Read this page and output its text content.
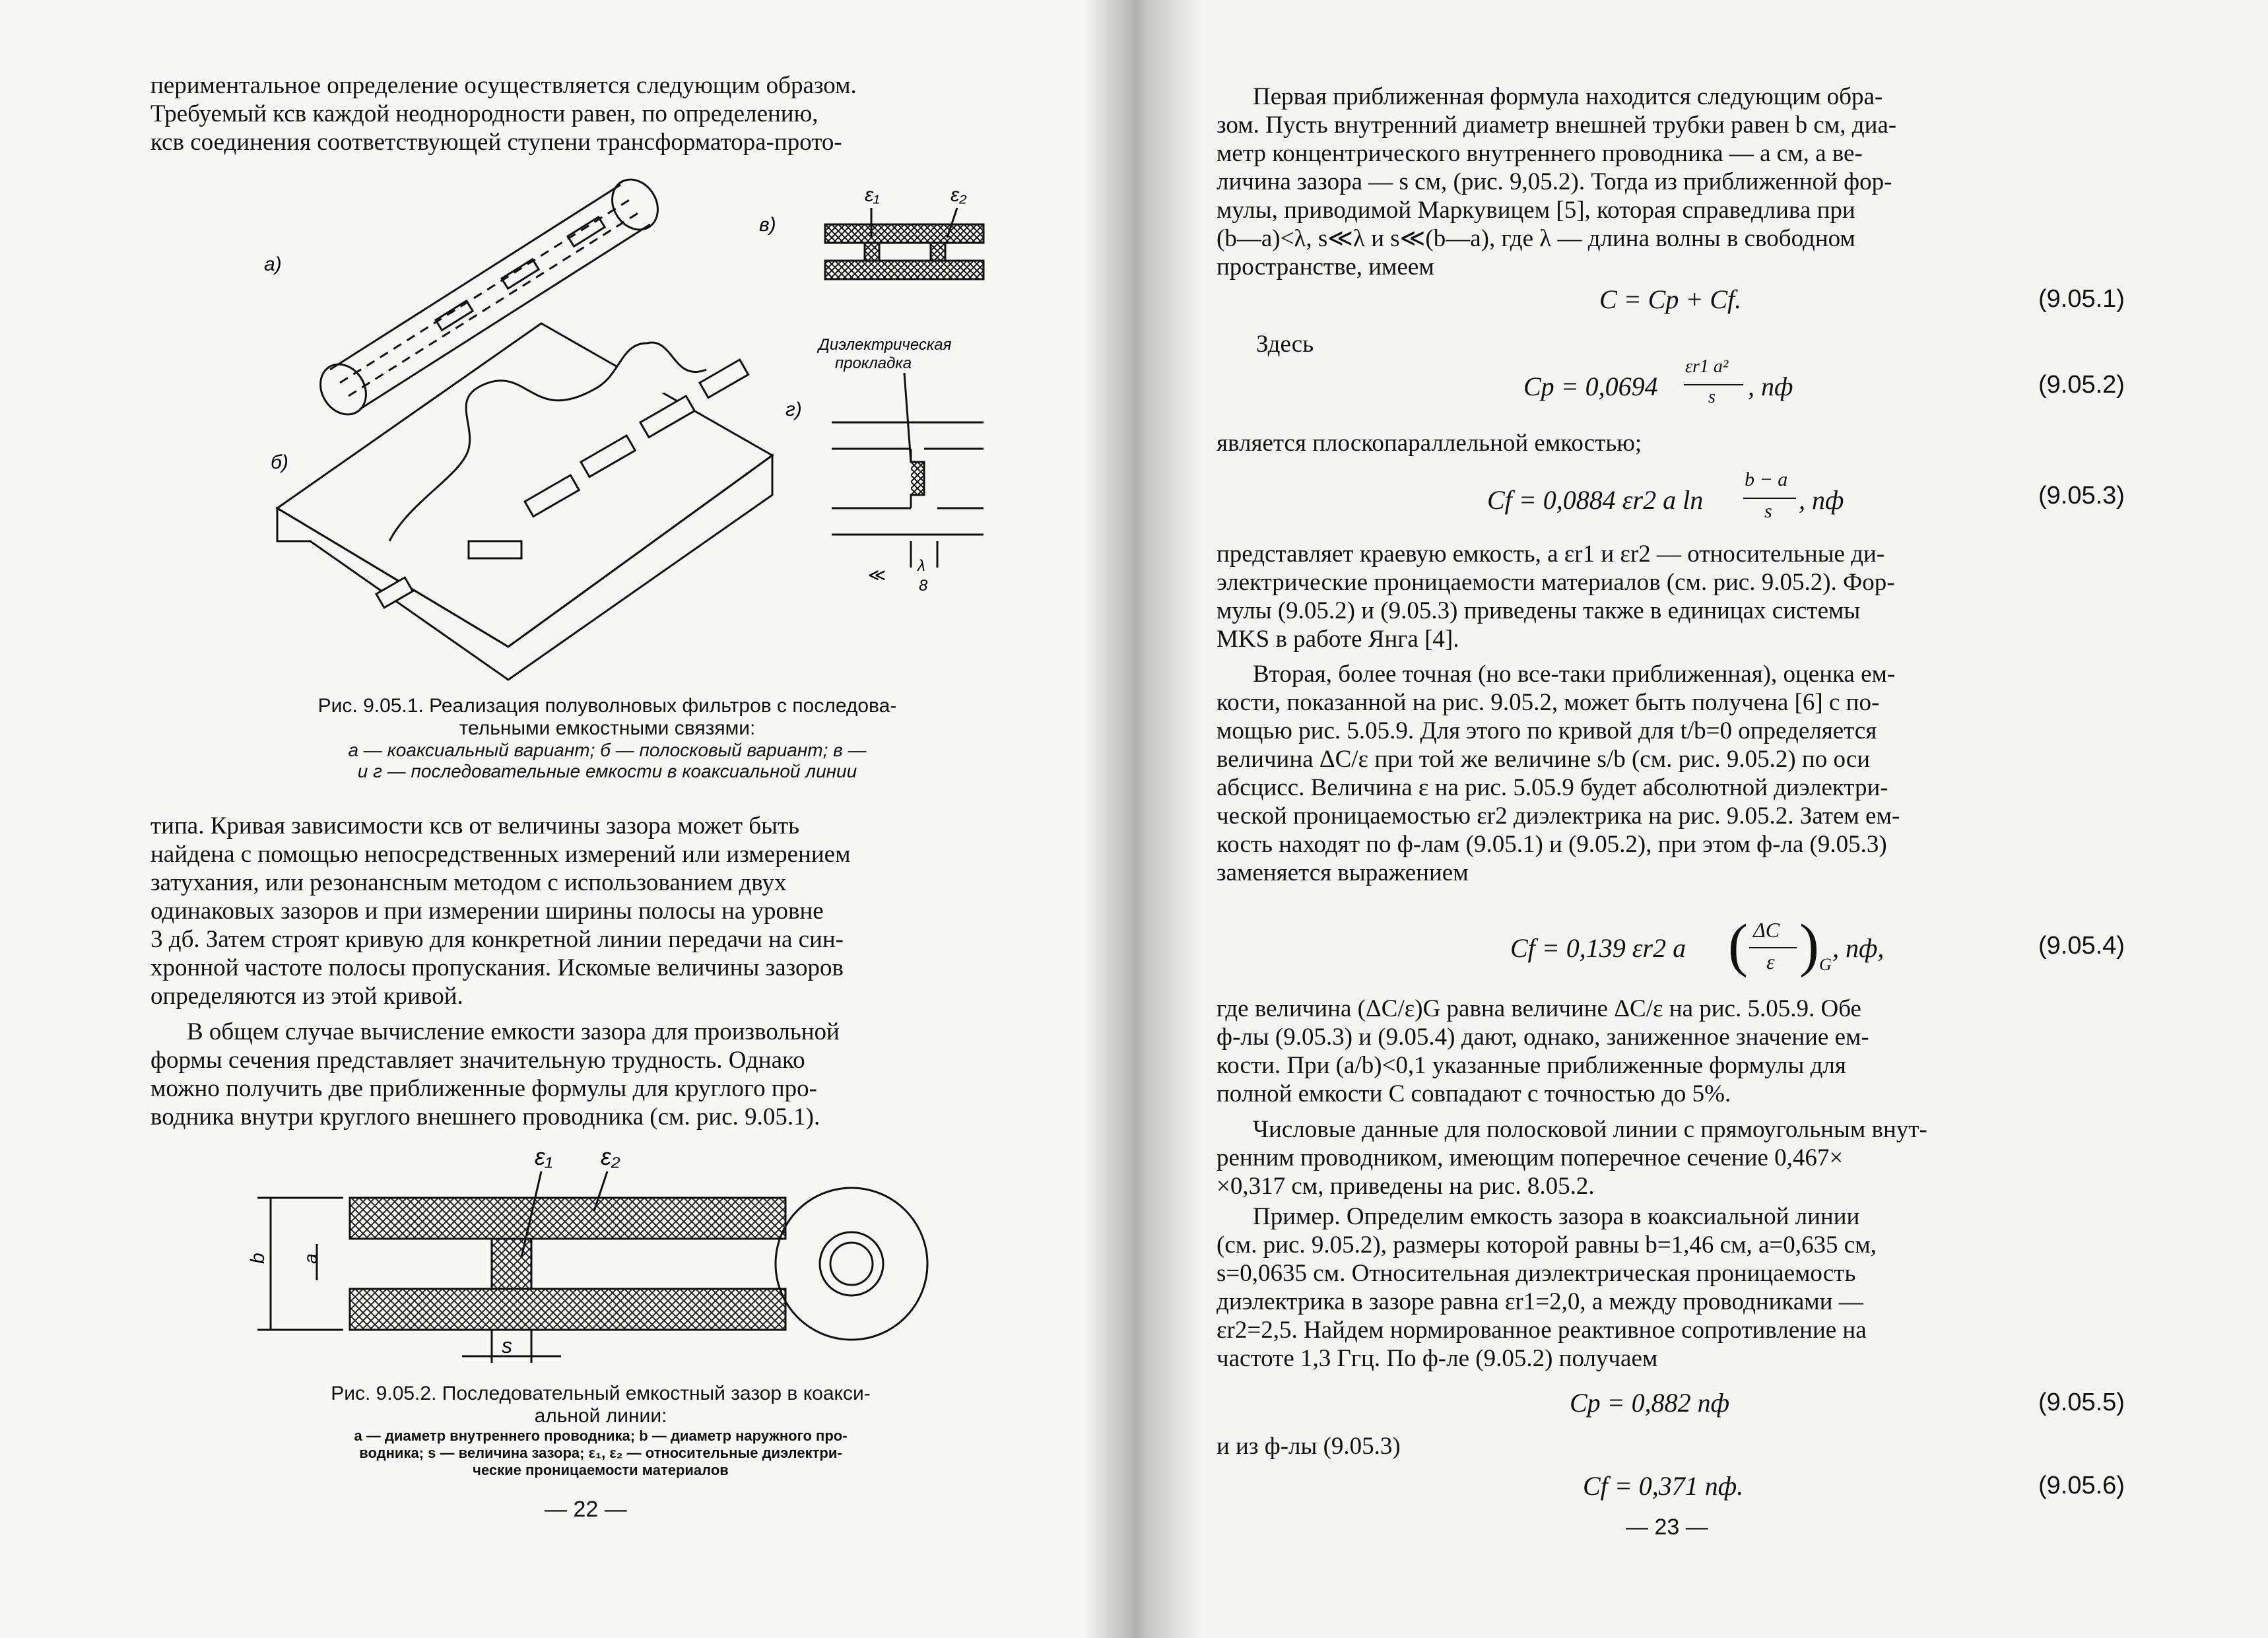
периментальное определение осуществляется следующим образом.
Требуемый ксв каждой неоднородности равен, по определению,
ксв соединения соответствующей ступени трансформатора-прото-

а)
б)
в)
ε₁	ε₂
Диэлектрическая
прокладка
г)
λ
≪
8
Рис. 9.05.1. Реализация полуволновых фильтров с последова-
тельными емкостными связями:
а — коаксиальный вариант; б — полосковый вариант; в —
и г — последовательные емкости в коаксиальной линии

типа. Кривая зависимости ксв от величины зазора может быть
найдена с помощью непосредственных измерений или измерением
затухания, или резонансным методом с использованием двух
одинаковых зазоров и при измерении ширины полосы на уровне
3 дб. Затем строят кривую для конкретной линии передачи на син-
хронной частоте полосы пропускания. Искомые величины зазоров
определяются из этой кривой.

В общем случае вычисление емкости зазора для произвольной
формы сечения представляет значительную трудность. Однако
можно получить две приближенные формулы для круглого про-
водника внутри круглого внешнего проводника (см. рис. 9.05.1).

ε₁ ε₂
b a
s
Рис. 9.05.2. Последовательный емкостный зазор в коакси-
альной линии:
a — диаметр внутреннего проводника; b — диаметр наружного про-
водника; s — величина зазора; ε₁, ε₂ — относительные диэлектри-
ческие проницаемости материалов
— 22 —

Первая приближенная формула находится следующим обра-
зом. Пусть внутренний диаметр внешней трубки равен b см, диа-
метр концентрического внутреннего проводника — a см, а ве-
личина зазора — s см, (рис. 9,05.2). Тогда из приближенной фор-
мулы, приводимой Маркувицем [5], которая справедлива при
(b—a)<λ, s≪λ и s≪(b—a), где λ — длина волны в свободном
пространстве, имеем

C = Cp + Cf.	(9.05.1)
Здесь
Cp = 0,0694
εr1 a²
s , пф	(9.05.2)
является плоскопараллельной емкостью;
Cf = 0,0884 εr2 a ln
b − a
s , пф	(9.05.3)

представляет краевую емкость, а εr1 и εr2 — относительные ди-
электрические проницаемости материалов (см. рис. 9.05.2). Фор-
мулы (9.05.2) и (9.05.3) приведены также в единицах системы
MKS в работе Янга [4].

Вторая, более точная (но все-таки приближенная), оценка ем-
кости, показанной на рис. 9.05.2, может быть получена [6] с по-
мощью рис. 5.05.9. Для этого по кривой для t/b=0 определяется
величина ΔC/ε при той же величине s/b (см. рис. 9.05.2) по оси
абсцисс. Величина ε на рис. 5.05.9 будет абсолютной диэлектри-
ческой проницаемостью εr2 диэлектрика на рис. 9.05.2. Затем ем-
кость находят по ф-лам (9.05.1) и (9.05.2), при этом ф-ла (9.05.3)
заменяется выражением

Cf = 0,139 εr2 a ( ΔC
ε ) G
, пф,	(9.05.4)

где величина (ΔC/ε)G равна величине ΔC/ε на рис. 5.05.9. Обе
ф-лы (9.05.3) и (9.05.4) дают, однако, заниженное значение ем-
кости. При (a/b)<0,1 указанные приближенные формулы для
полной емкости C совпадают с точностью до 5%.

Числовые данные для полосковой линии с прямоугольным внут-
ренним проводником, имеющим поперечное сечение 0,467×
×0,317 см, приведены на рис. 8.05.2.

Пример. Определим емкость зазора в коаксиальной линии
(см. рис. 9.05.2), размеры которой равны b=1,46 см, a=0,635 см,
s=0,0635 см. Относительная диэлектрическая проницаемость
диэлектрика в зазоре равна εr1=2,0, а между проводниками —
εr2=2,5. Найдем нормированное реактивное сопротивление на
частоте 1,3 Ггц. По ф-ле (9.05.2) получаем

Cp = 0,882 пф	(9.05.5)
и из ф-лы (9.05.3)
Cf = 0,371 пф.	(9.05.6)
— 23 —
